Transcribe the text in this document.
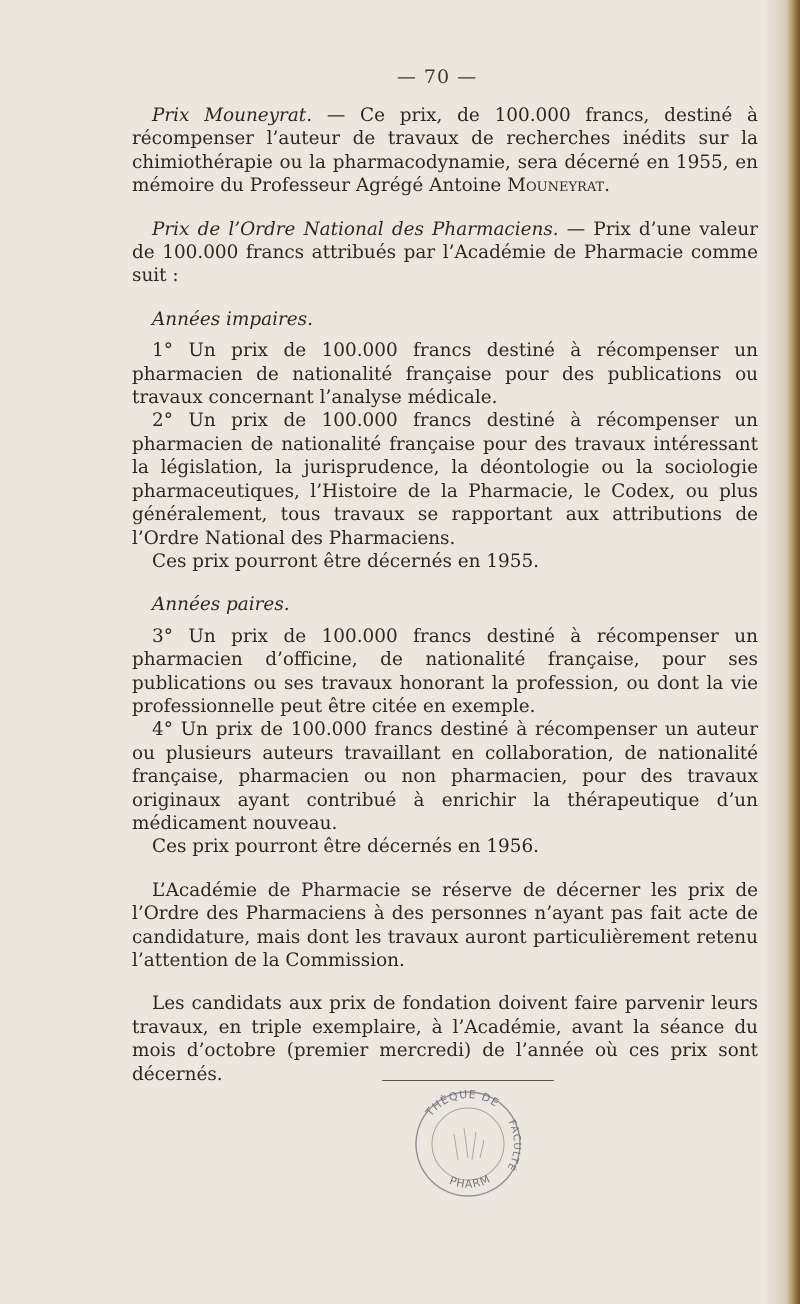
— 70 —

Prix Mouneyrat. — Ce prix, de 100.000 francs, destiné à récompenser l’auteur de travaux de recherches inédits sur la chimiothérapie ou la pharmacodynamie, sera décerné en 1955, en mémoire du Professeur Agrégé Antoine Mouneyrat.

Prix de l’Ordre National des Pharmaciens. — Prix d’une valeur de 100.000 francs attribués par l’Académie de Pharmacie comme suit :

Années impaires.

1° Un prix de 100.000 francs destiné à récompenser un pharmacien de nationalité française pour des publications ou travaux concernant l’analyse médicale.

2° Un prix de 100.000 francs destiné à récompenser un pharmacien de nationalité française pour des travaux intéressant la législation, la jurisprudence, la déontologie ou la sociologie pharmaceutiques, l’Histoire de la Pharmacie, le Codex, ou plus généralement, tous travaux se rapportant aux attributions de l’Ordre National des Pharmaciens.

Ces prix pourront être décernés en 1955.

Années paires.

3° Un prix de 100.000 francs destiné à récompenser un pharmacien d’officine, de nationalité française, pour ses publications ou ses travaux honorant la profession, ou dont la vie professionnelle peut être citée en exemple.

4° Un prix de 100.000 francs destiné à récompenser un auteur ou plusieurs auteurs travaillant en collaboration, de nationalité française, pharmacien ou non pharmacien, pour des travaux originaux ayant contribué à enrichir la thérapeutique d’un médicament nouveau.

Ces prix pourront être décernés en 1956.

L’Académie de Pharmacie se réserve de décerner les prix de l’Ordre des Pharmaciens à des personnes n’ayant pas fait acte de candidature, mais dont les travaux auront particulièrement retenu l’attention de la Commission.

Les candidats aux prix de fondation doivent faire parvenir leurs travaux, en triple exemplaire, à l’Académie, avant la séance du mois d’octobre (premier mercredi) de l’année où ces prix sont décernés.

THÈQUE DE
FACULTÉ
PHARM
